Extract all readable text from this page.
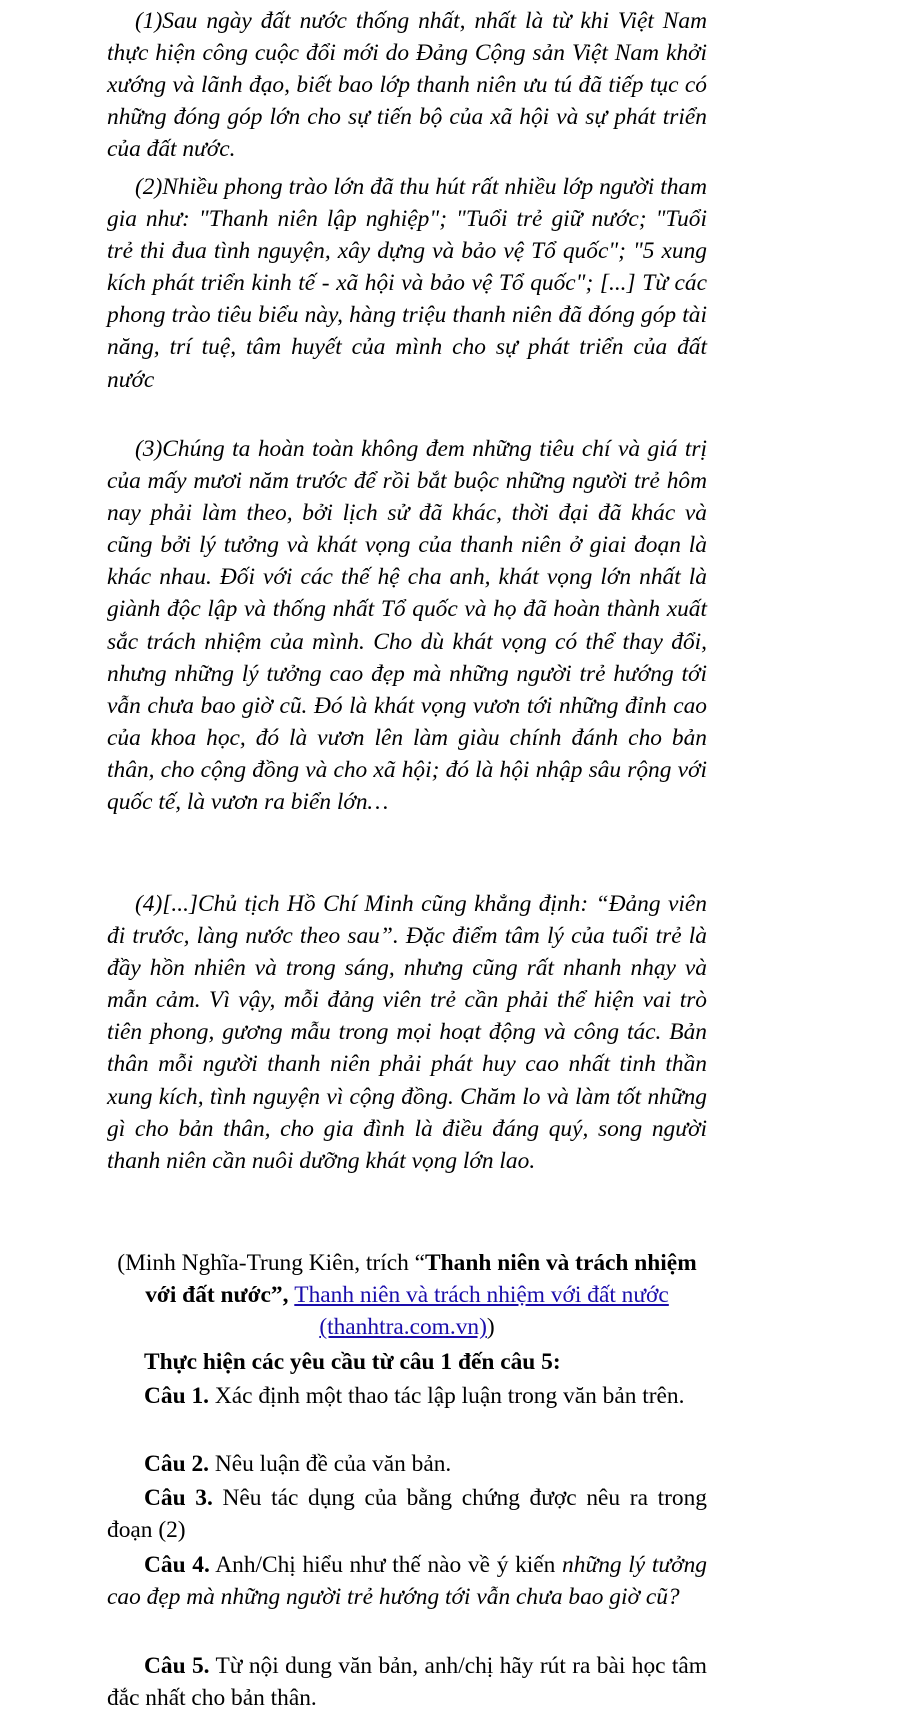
(1)Sau ngày đất nước thống nhất, nhất là từ khi Việt Nam thực hiện công cuộc đổi mới do Đảng Cộng sản Việt Nam khởi xướng và lãnh đạo, biết bao lớp thanh niên ưu tú đã tiếp tục có những đóng góp lớn cho sự tiến bộ của xã hội và sự phát triển của đất nước.

(2)Nhiều phong trào lớn đã thu hút rất nhiều lớp người tham gia như: "Thanh niên lập nghiệp"; "Tuổi trẻ giữ nước; "Tuổi trẻ thi đua tình nguyện, xây dựng và bảo vệ Tổ quốc"; "5 xung kích phát triển kinh tế - xã hội và bảo vệ Tổ quốc"; [...] Từ các phong trào tiêu biểu này, hàng triệu thanh niên đã đóng góp tài năng, trí tuệ, tâm huyết của mình cho sự phát triển của đất nước

(3)Chúng ta hoàn toàn không đem những tiêu chí và giá trị của mấy mươi năm trước để rồi bắt buộc những người trẻ hôm nay phải làm theo, bởi lịch sử đã khác, thời đại đã khác và cũng bởi lý tưởng và khát vọng của thanh niên ở giai đoạn là khác nhau. Đối với các thế hệ cha anh, khát vọng lớn nhất là giành độc lập và thống nhất Tổ quốc và họ đã hoàn thành xuất sắc trách nhiệm của mình. Cho dù khát vọng có thể thay đổi, nhưng những lý tưởng cao đẹp mà những người trẻ hướng tới vẫn chưa bao giờ cũ. Đó là khát vọng vươn tới những đỉnh cao của khoa học, đó là vươn lên làm giàu chính đánh cho bản thân, cho cộng đồng và cho xã hội; đó là hội nhập sâu rộng với quốc tế, là vươn ra biển lớn…

(4)[...]Chủ tịch Hồ Chí Minh cũng khẳng định: “Đảng viên đi trước, làng nước theo sau”. Đặc điểm tâm lý của tuổi trẻ là đầy hồn nhiên và trong sáng, nhưng cũng rất nhanh nhạy và mẫn cảm. Vì vậy, mỗi đảng viên trẻ cần phải thể hiện vai trò tiên phong, gương mẫu trong mọi hoạt động và công tác. Bản thân mỗi người thanh niên phải phát huy cao nhất tinh thần xung kích, tình nguyện vì cộng đồng. Chăm lo và làm tốt những gì cho bản thân, cho gia đình là điều đáng quý, song người thanh niên cần nuôi dưỡng khát vọng lớn lao.

(Minh Nghĩa-Trung Kiên, trích “Thanh niên và trách nhiệm với đất nước”, Thanh niên và trách nhiệm với đất nước (thanhtra.com.vn))
Thực hiện các yêu cầu từ câu 1 đến câu 5:

Câu 1. Xác định một thao tác lập luận trong văn bản trên.

Câu 2. Nêu luận đề của văn bản.

Câu 3. Nêu tác dụng của bằng chứng được nêu ra trong đoạn (2)

Câu 4. Anh/Chị hiểu như thế nào về ý kiến những lý tưởng cao đẹp mà những người trẻ hướng tới vẫn chưa bao giờ cũ?

Câu 5. Từ nội dung văn bản, anh/chị hãy rút ra bài học tâm đắc nhất cho bản thân.
